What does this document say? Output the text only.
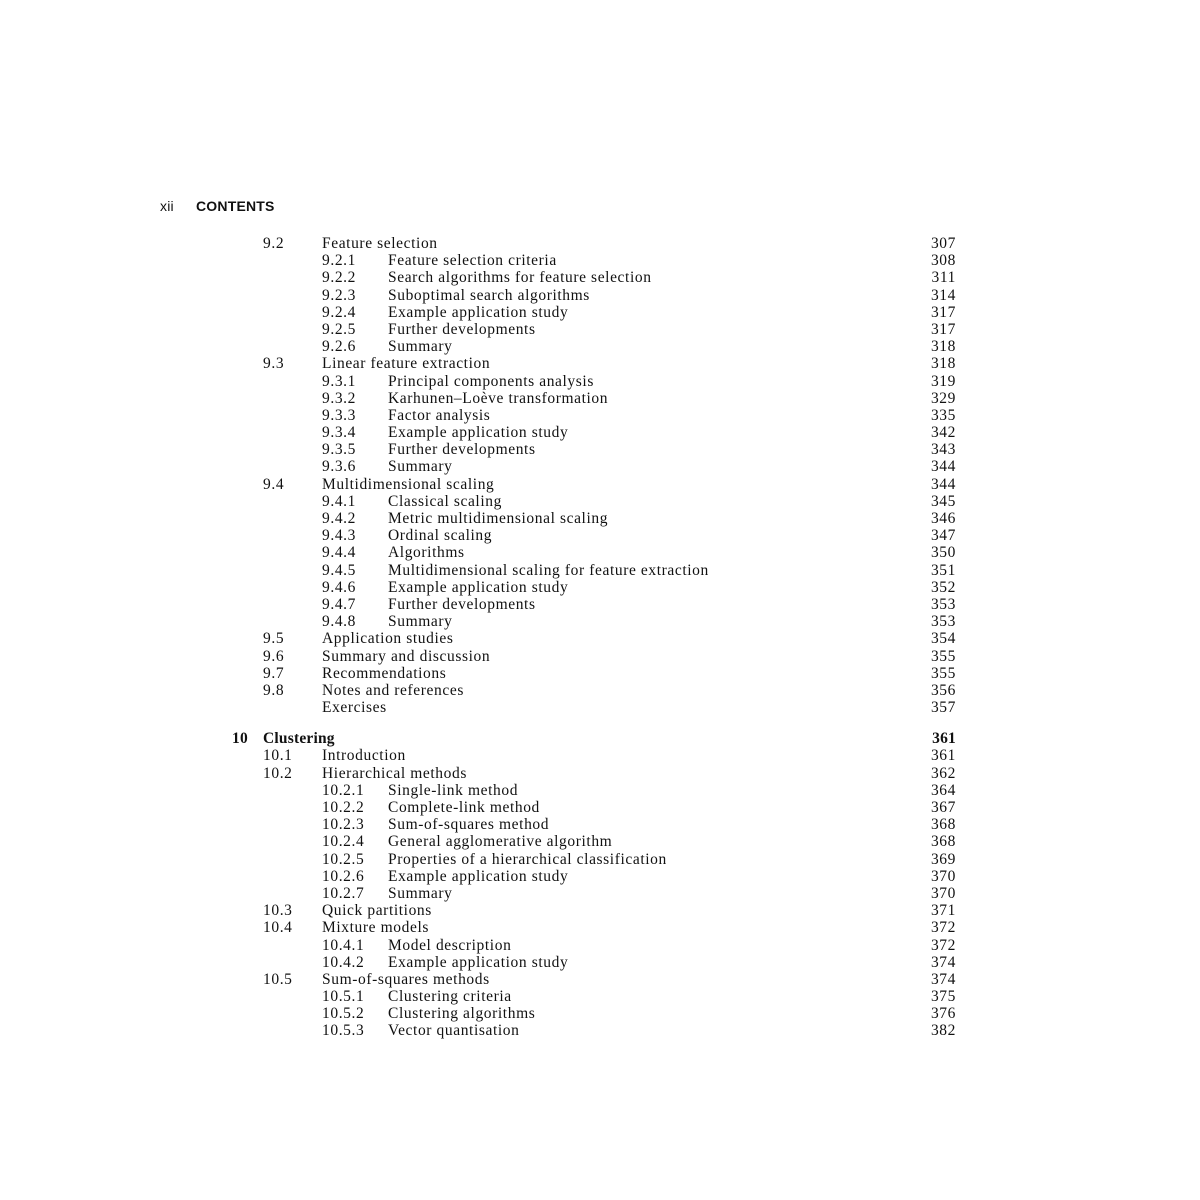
xii CONTENTS
9.2 Feature selection	307
9.2.1 Feature selection criteria	308
9.2.2 Search algorithms for feature selection	311
9.2.3 Suboptimal search algorithms	314
9.2.4 Example application study	317
9.2.5 Further developments	317
9.2.6 Summary	318
9.3 Linear feature extraction	318
9.3.1 Principal components analysis	319
9.3.2 Karhunen–Loève transformation	329
9.3.3 Factor analysis	335
9.3.4 Example application study	342
9.3.5 Further developments	343
9.3.6 Summary	344
9.4 Multidimensional scaling	344
9.4.1 Classical scaling	345
9.4.2 Metric multidimensional scaling	346
9.4.3 Ordinal scaling	347
9.4.4 Algorithms	350
9.4.5 Multidimensional scaling for feature extraction	351
9.4.6 Example application study	352
9.4.7 Further developments	353
9.4.8 Summary	353
9.5 Application studies	354
9.6 Summary and discussion	355
9.7 Recommendations	355
9.8 Notes and references	356
Exercises	357
10 Clustering	361
10.1 Introduction	361
10.2 Hierarchical methods	362
10.2.1 Single-link method	364
10.2.2 Complete-link method	367
10.2.3 Sum-of-squares method	368
10.2.4 General agglomerative algorithm	368
10.2.5 Properties of a hierarchical classification	369
10.2.6 Example application study	370
10.2.7 Summary	370
10.3 Quick partitions	371
10.4 Mixture models	372
10.4.1 Model description	372
10.4.2 Example application study	374
10.5 Sum-of-squares methods	374
10.5.1 Clustering criteria	375
10.5.2 Clustering algorithms	376
10.5.3 Vector quantisation	382
